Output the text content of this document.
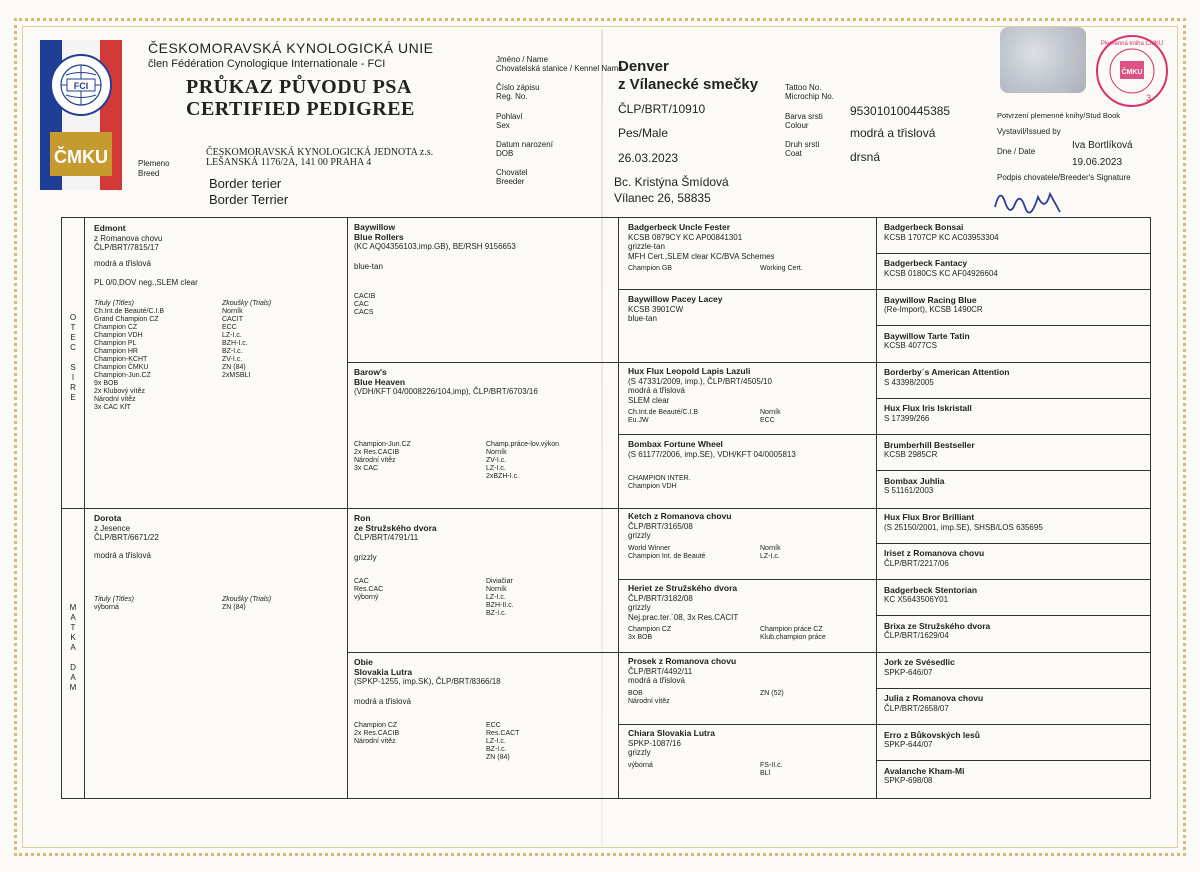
FCI
ČMKU
ČESKOMORAVSKÁ KYNOLOGICKÁ UNIE
člen Fédération Cynologique Internationale - FCI
PRŮKAZ PŮVODU PSA
CERTIFIED PEDIGREE
ČESKOMORAVSKÁ KYNOLOGICKÁ JEDNOTA z.s.
LEŠANSKÁ 1176/2A, 141 00 PRAHA 4
Plemeno
Breed
Border terier
Border Terrier
Jméno / Name
Chovatelská stanice / Kennel Name
Číslo zápisu
Reg. No.
Pohlaví
Sex
Datum narození
DOB
Chovatel
Breeder
Denver
z Vílanecké smečky
ČLP/BRT/10910
Pes/Male
26.03.2023
Bc. Kristýna Šmídová
Vílanec 26, 58835
Tattoo No.
Microchip No.
Barva srsti
Colour
Druh srsti
Coat
953010100445385
modrá a třislová
drsná
ČMKU
3
Plemenná kniha ČMKU
Potvrzení plemenné knihy/Stud Book
Vystavil/Issued by
Dne / Date
Iva Bortlíková
19.06.2023
Podpis chovatele/Breeder's Signature
O
T
E
C
S
I
R
E
M
A
T
K
A
D
A
M
Edmont
z Romanova chovu
ČLP/BRT/7815/17
modrá a třislová
PL 0/0,DOV neg.,SLEM clear
Tituly (Titles)
Ch.Int.de Beauté/C.I.B
Grand Champion CZ
Champion CZ
Champion VDH
Champion PL
Champion HR
Champion-KCHT
Champion ČMKU
Champion-Jun.CZ
9x BOB
2x Klubový vítěz
Národní vítěz
3x CAC KfT
Zkoušky (Trials)
Norník
CACIT
ECC
LZ-I.c.
BZH-I.c.
BZ-I.c.
ZV-I.c.
ZN (84)
2xMSBLI
Dorota
z Jesence
ČLP/BRT/6671/22
modrá a třislová
Tituly (Titles)
výborná
Zkoušky (Trials)
ZN (84)
Baywillow
Blue Rollers
(KC AQ04356103,imp.GB), BE/RSH 9156653
blue-tan
CACIB
CAC
CACS
Barow's
Blue Heaven
(VDH/KFT 04/0008226/104,imp), ČLP/BRT/6703/16
Champion-Jun.CZ
2x Res.CACIB
Národní vítěz
3x CAC
Champ.práce-lov.výkon
Norník
ZV-I.c.
LZ-I.c.
2xBZH-I.c.
Ron
ze Stružského dvora
ČLP/BRT/4791/11
grizzly
CAC
Res.CAC
výborný
Diviačiar
Norník
LZ-I.c.
BZH-II.c.
BZ-I.c.
Obie
Slovakia Lutra
(SPKP-1255, imp.SK), ČLP/BRT/8366/18
modrá a třislová
Champion CZ
2x Res.CACIB
Národní vítěz
ECC
Res.CACT
LZ-I.c.
BZ-I.c.
ZN (84)
Badgerbeck Uncle Fester
KCSB 0879CY KC AP00841301
grizzle-tan
MFH Cert.,SLEM clear KC/BVA Schemes
Champion GB	Working Cert.
Baywillow Pacey Lacey
KCSB 3901CW
blue-tan
Hux Flux Leopold Lapis Lazuli
(S 47331/2009, imp.), ČLP/BRT/4505/10
modrá a třislová
SLEM clear
Ch.Int.de Beauté/C.I.B
Eu.JW
Norník
ECC
Bombax Fortune Wheel
(S 61177/2006, imp.SE), VDH/KFT 04/0005813
CHAMPION INTER.
Champion VDH
Ketch z Romanova chovu
ČLP/BRT/3165/08
grizzly
World Winner
Champion Int. de Beauté
Norník
LZ-I.c.
Heriet ze Stružského dvora
ČLP/BRT/3182/08
grizzly
Nej.prac.ter.´08, 3x Res.CACIT
Champion CZ
3x BOB
Champion práce CZ
Klub.champion práce
Prosek z Romanova chovu
ČLP/BRT/4492/11
modrá a třislová
BOB
Národní vítěz
ZN (52)
Chiara Slovakia Lutra
SPKP-1087/16
grizzly
výborná	FS-II.c.
BLl
Badgerbeck Bonsai
KCSB 1707CP KC AC03953304
Badgerbeck Fantacy
KCSB 0180CS KC AF04926604
Baywillow Racing Blue
(Re-Import), KCSB 1490CR
Baywillow Tarte Tatin
KCSB 4077CS
Borderby´s American Attention
S 43398/2005
Hux Flux Iris Iskristall
S 17399/266
Brumberhill Bestseller
KCSB 2985CR
Bombax Juhlia
S 51161/2003
Hux Flux Bror Brilliant
(S 25150/2001, imp.SE), SHSB/LOS 635695
Iriset z Romanova chovu
ČLP/BRT/2217/06
Badgerbeck Stentorian
KC X5643506Y01
Brixa ze Stružského dvora
ČLP/BRT/1629/04
Jork ze Svésedlic
SPKP-646/07
Julia z Romanova chovu
ČLP/BRT/2658/07
Erro z Bůkovských lesů
SPKP-644/07
Avalanche Kham-Mi
SPKP-698/08
